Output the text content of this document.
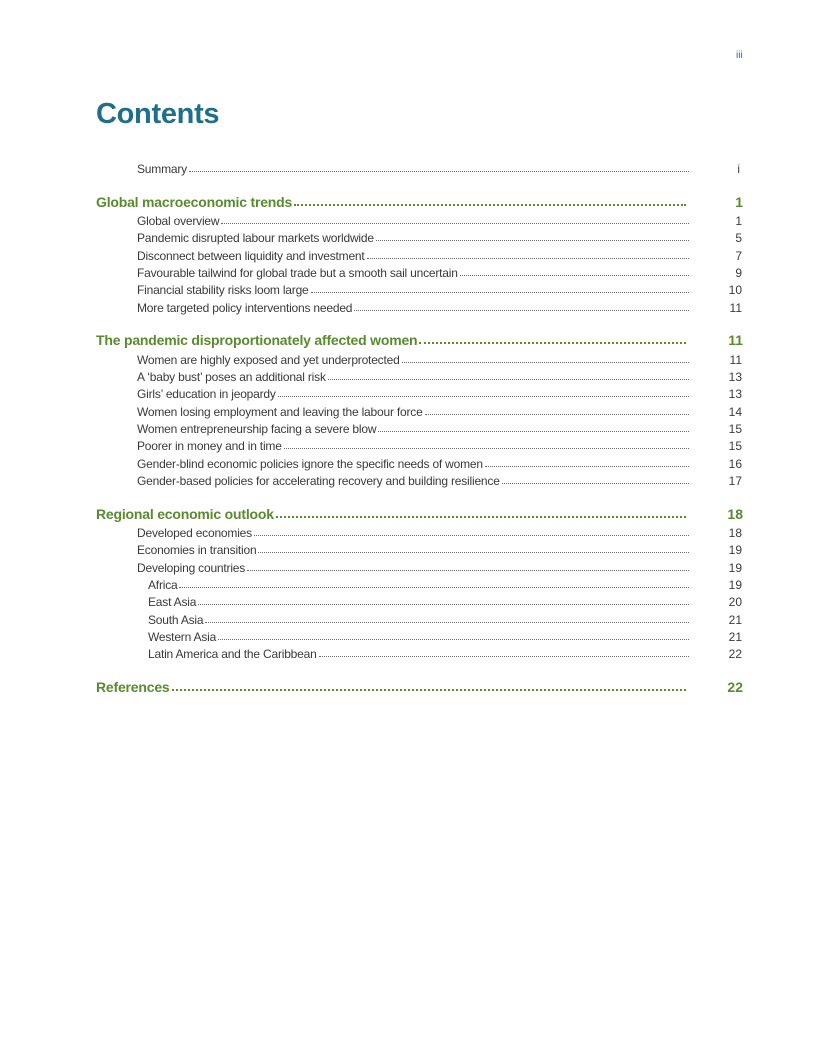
iii
Contents
Summary	i
Global macroeconomic trends	1
Global overview	1
Pandemic disrupted labour markets worldwide	5
Disconnect between liquidity and investment	7
Favourable tailwind for global trade but a smooth sail uncertain	9
Financial stability risks loom large	10
More targeted policy interventions needed	11
The pandemic disproportionately affected women	11
Women are highly exposed and yet underprotected	11
A ‘baby bust’ poses an additional risk	13
Girls’ education in jeopardy	13
Women losing employment and leaving the labour force	14
Women entrepreneurship facing a severe blow	15
Poorer in money and in time	15
Gender-blind economic policies ignore the specific needs of women	16
Gender-based policies for accelerating recovery and building resilience	17
Regional economic outlook	18
Developed economies	18
Economies in transition	19
Developing countries	19
Africa	19
East Asia	20
South Asia	21
Western Asia	21
Latin America and the Caribbean	22
References	22
